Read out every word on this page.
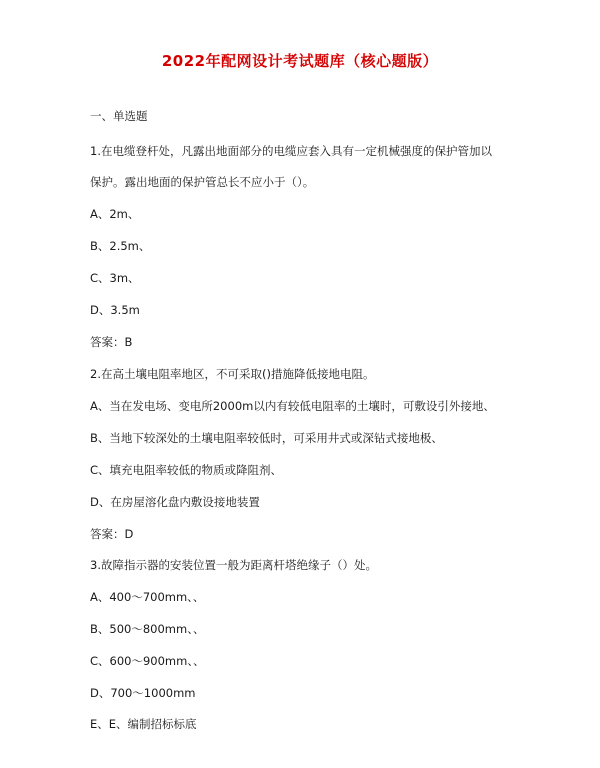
2022年配网设计考试题库（核心题版）
一、单选题
1.在电缆登杆处，凡露出地面部分的电缆应套入具有一定机械强度的保护管加以
保护。露出地面的保护管总长不应小于（）。
A、2m、
B、2.5m、
C、3m、
D、3.5m
答案：B
2.在高土壤电阻率地区，不可采取()措施降低接地电阻。
A、当在发电场、变电所2000m以内有较低电阻率的土壤时，可敷设引外接地、
B、当地下较深处的土壤电阻率较低时，可采用井式或深钻式接地极、
C、填充电阻率较低的物质或降阻剂、
D、在房屋溶化盘内敷设接地装置
答案：D
3.故障指示器的安装位置一般为距离杆塔绝缘子（）处。
A、400～700mm、、
B、500～800mm、、
C、600～900mm、、
D、700～1000mm
E、E、编制招标标底
